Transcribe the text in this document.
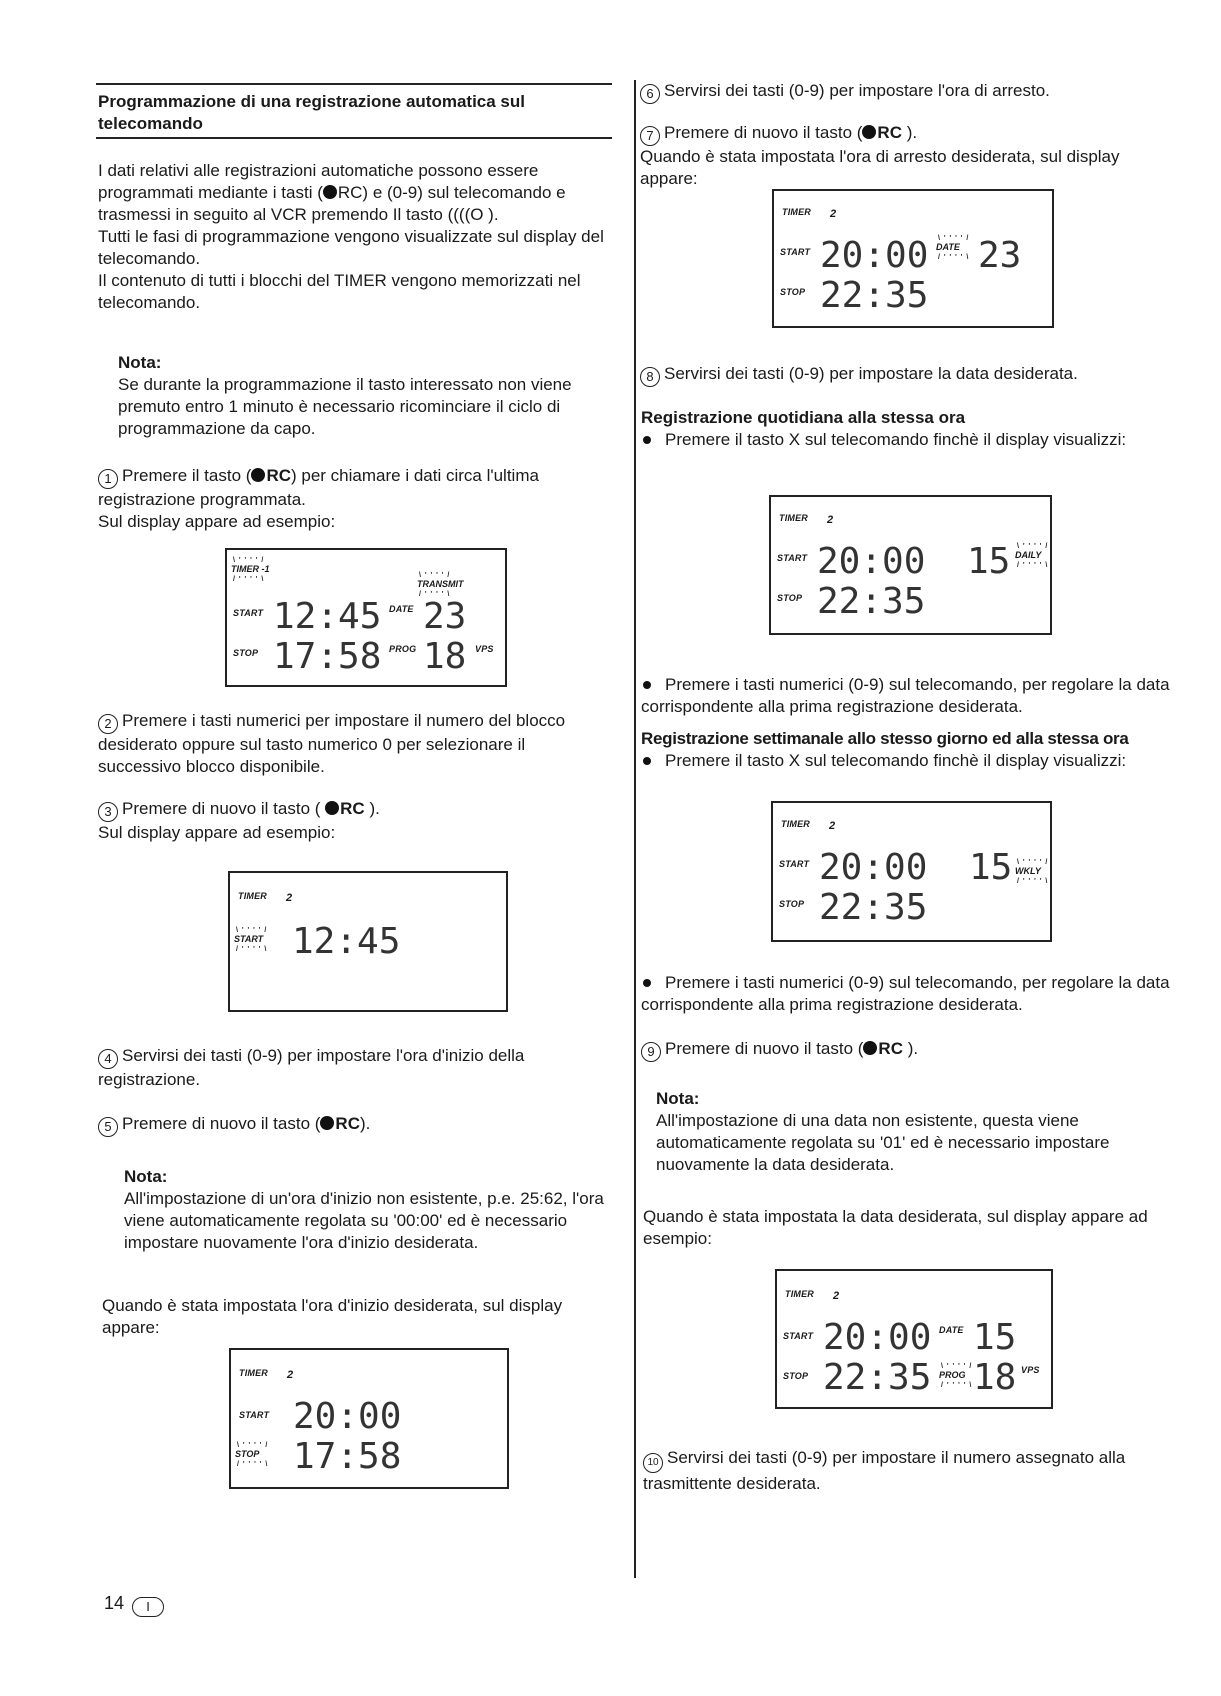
Programmazione di una registrazione automatica sul telecomando

I dati relativi alle registrazioni automatiche possono essere programmati mediante i tasti ( RC) e (0-9) sul telecomando e trasmessi in seguito al VCR premendo Il tasto ((((O ).

Tutti le fasi di programmazione vengono visualizzate sul display del telecomando.

Il contenuto di tutti i blocchi del TIMER vengono memorizzati nel telecomando.

Nota:

Se durante la programmazione il tasto interessato non viene premuto entro 1 minuto è necessario ricominciare il ciclo di programmazione da capo.

1 Premere il tasto ( RC) per chiamare i dati circa l'ultima registrazione programmata.

Sul display appare ad esempio:

\ ' ' ' ' / TIMER -1 / ' ' ' ' \
\ ' ' ' ' / TRANSMIT / ' ' ' ' \
START 12:45 DATE 23
STOP 17:58 PROG 18 VPS

2 Premere i tasti numerici per impostare il numero del blocco desiderato oppure sul tasto numerico 0 per selezionare il successivo blocco disponibile.

3 Premere di nuovo il tasto ( RC ).

Sul display appare ad esempio:

TIMER 2
\ ' ' ' ' / START / ' ' ' ' \ 12:45

4 Servirsi dei tasti (0-9) per impostare l'ora d'inizio della registrazione.

5 Premere di nuovo il tasto ( RC).

Nota:

All'impostazione di un'ora d'inizio non esistente, p.e. 25:62, l'ora viene automaticamente regolata su '00:00' ed è necessario impostare nuovamente l'ora d'inizio desiderata.

Quando è stata impostata l'ora d'inizio desiderata, sul display appare:
TIMER 2
START 20:00
\ ' ' ' ' / STOP / ' ' ' ' \ 17:58
14 I

6 Servirsi dei tasti (0-9) per impostare l'ora di arresto.

7 Premere di nuovo il tasto ( RC ).

Quando è stata impostata l'ora di arresto desiderata, sul display appare:

TIMER 2
START 20:00 \ ' ' ' ' / DATE / ' ' ' ' \ 23
STOP 22:35

8 Servirsi dei tasti (0-9) per impostare la data desiderata.

Registrazione quotidiana alla stessa ora
Premere il tasto X sul telecomando finchè il display visualizzi:
TIMER 2
START 20:00 15 \ ' ' ' ' / DAILY / ' ' ' ' \
STOP 22:35
Premere i tasti numerici (0-9) sul telecomando, per regolare la data corrispondente alla prima registrazione desiderata.
Registrazione settimanale allo stesso giorno ed alla stessa ora
Premere il tasto X sul telecomando finchè il display visualizzi:
TIMER 2
START 20:00 15 \ ' ' ' ' / WKLY / ' ' ' ' \
STOP 22:35
Premere i tasti numerici (0-9) sul telecomando, per regolare la data corrispondente alla prima registrazione desiderata.

9 Premere di nuovo il tasto ( RC ).

Nota:

All'impostazione di una data non esistente, questa viene automaticamente regolata su '01' ed è necessario impostare nuovamente la data desiderata.

Quando è stata impostata la data desiderata, sul display appare ad esempio:
TIMER 2
START 20:00 DATE 15
STOP 22:35 \ ' ' ' ' / PROG / ' ' ' ' \ 18 VPS

10 Servirsi dei tasti (0-9) per impostare il numero assegnato alla trasmittente desiderata.
